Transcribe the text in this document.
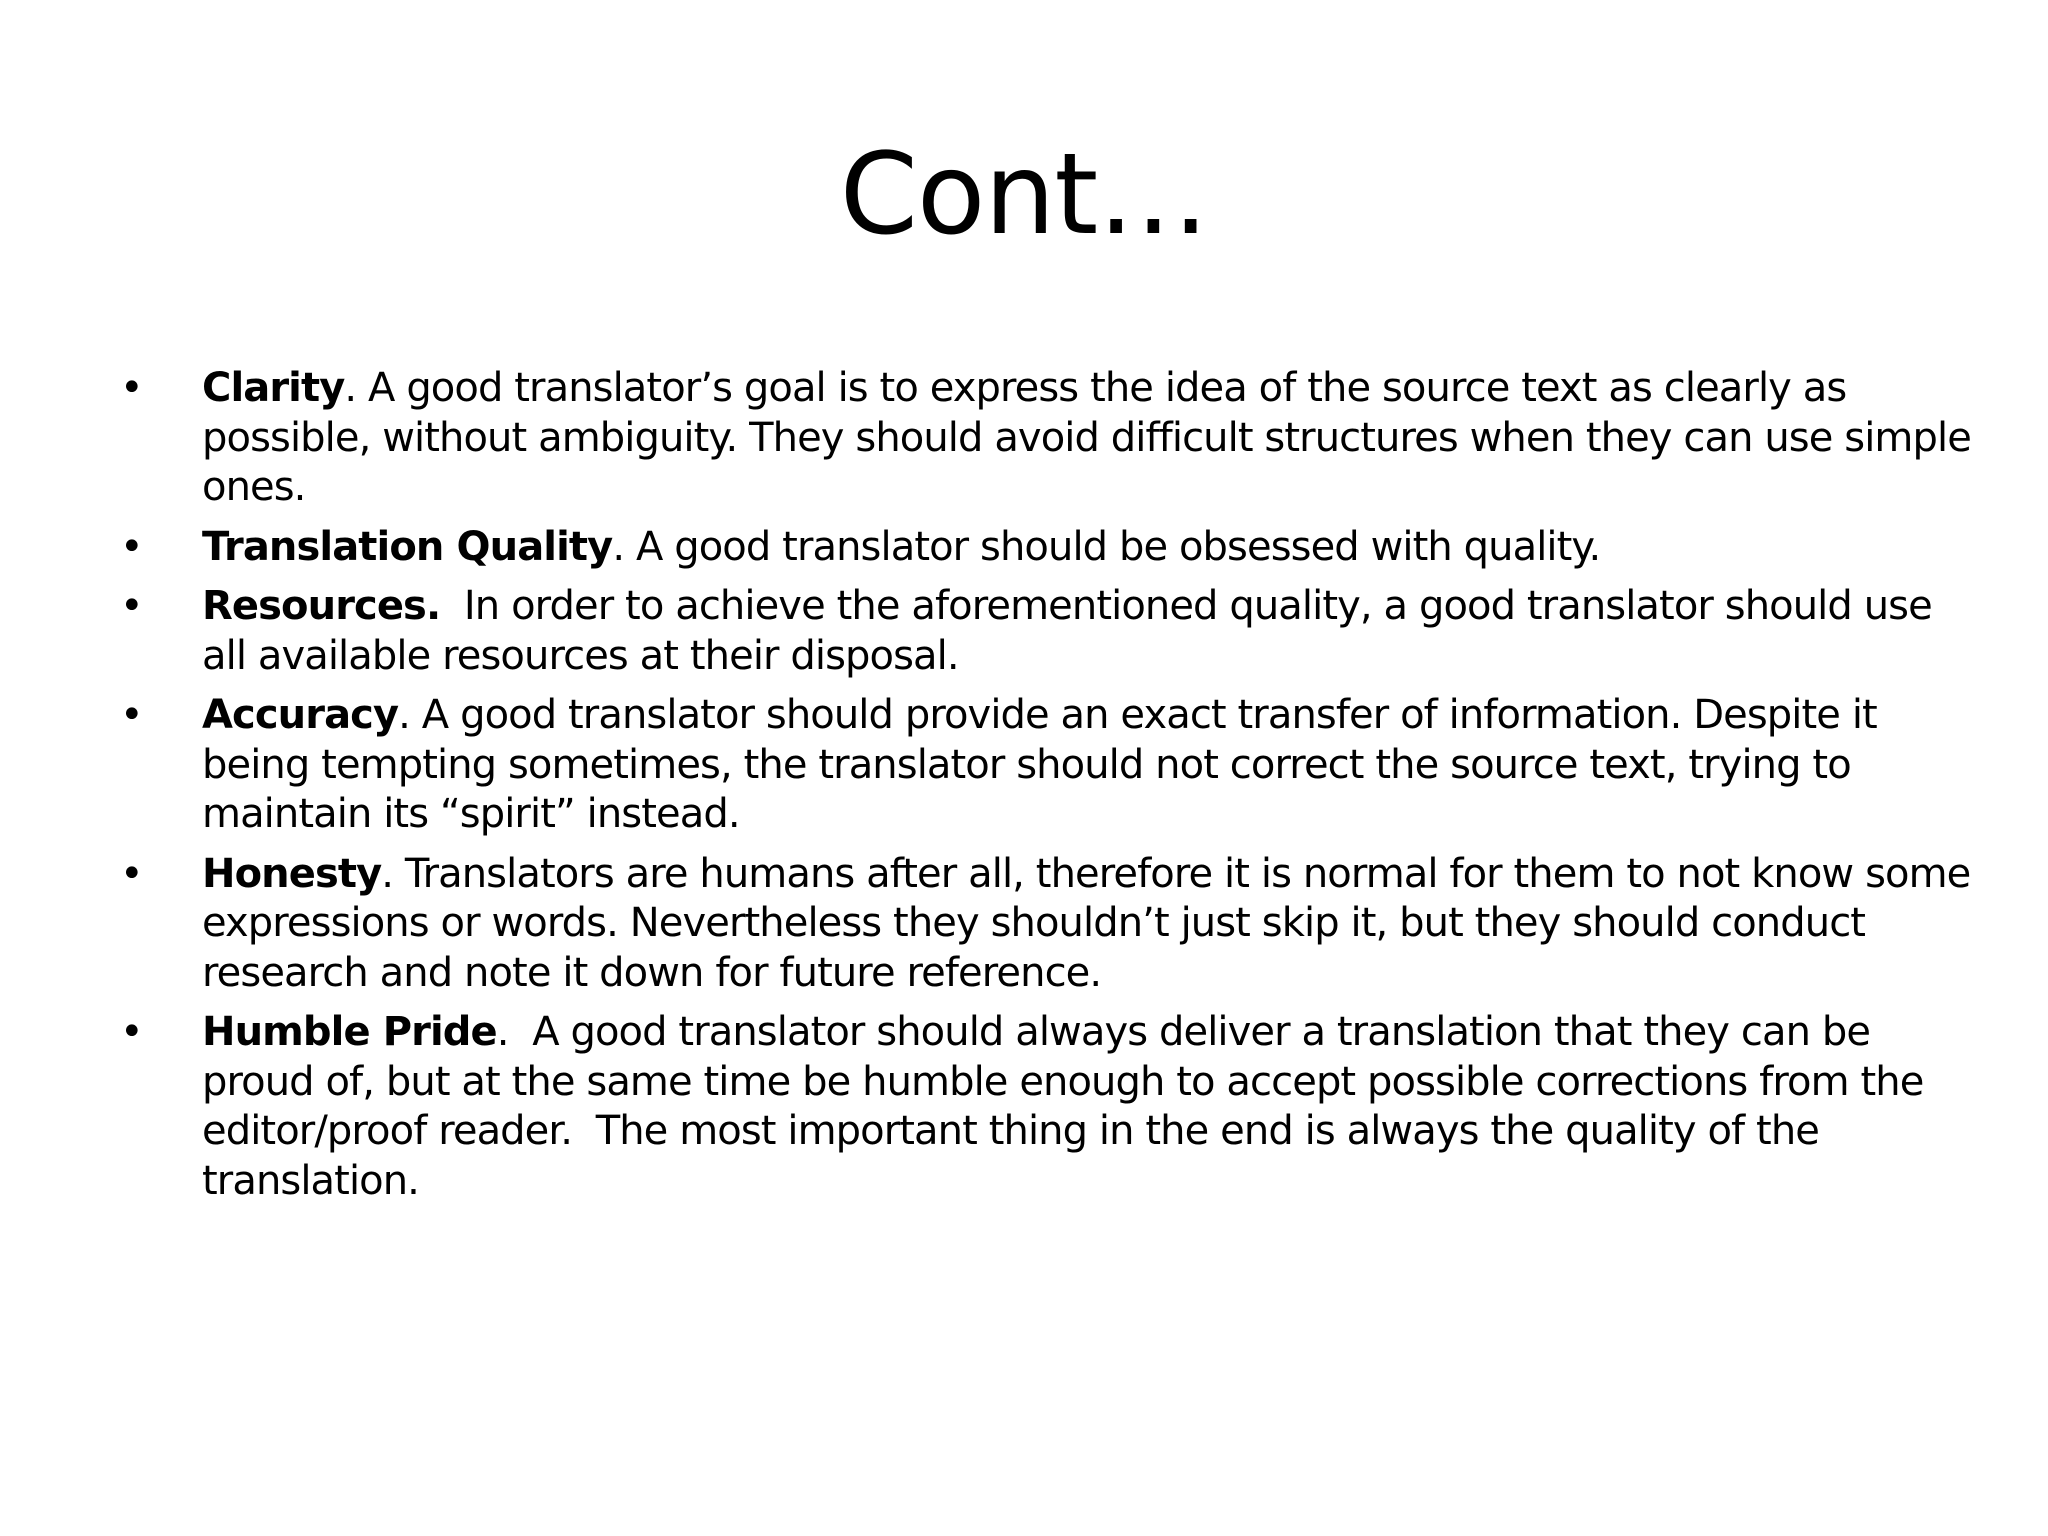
Cont…
• Clarity. A good translator’s goal is to express the idea of the source text as clearly as possible, without ambiguity. They should avoid difficult structures when they can use simple ones.
• Translation Quality. A good translator should be obsessed with quality.
• Resources.  In order to achieve the aforementioned quality, a good translator should use all available resources at their disposal.
• Accuracy. A good translator should provide an exact transfer of information. Despite it being tempting sometimes, the translator should not correct the source text, trying to maintain its “spirit” instead.
• Honesty. Translators are humans after all, therefore it is normal for them to not know some expressions or words. Nevertheless they shouldn’t just skip it, but they should conduct research and note it down for future reference.
• Humble Pride.  A good translator should always deliver a translation that they can be proud of, but at the same time be humble enough to accept possible corrections from the editor/proof reader.  The most important thing in the end is always the quality of the translation.
